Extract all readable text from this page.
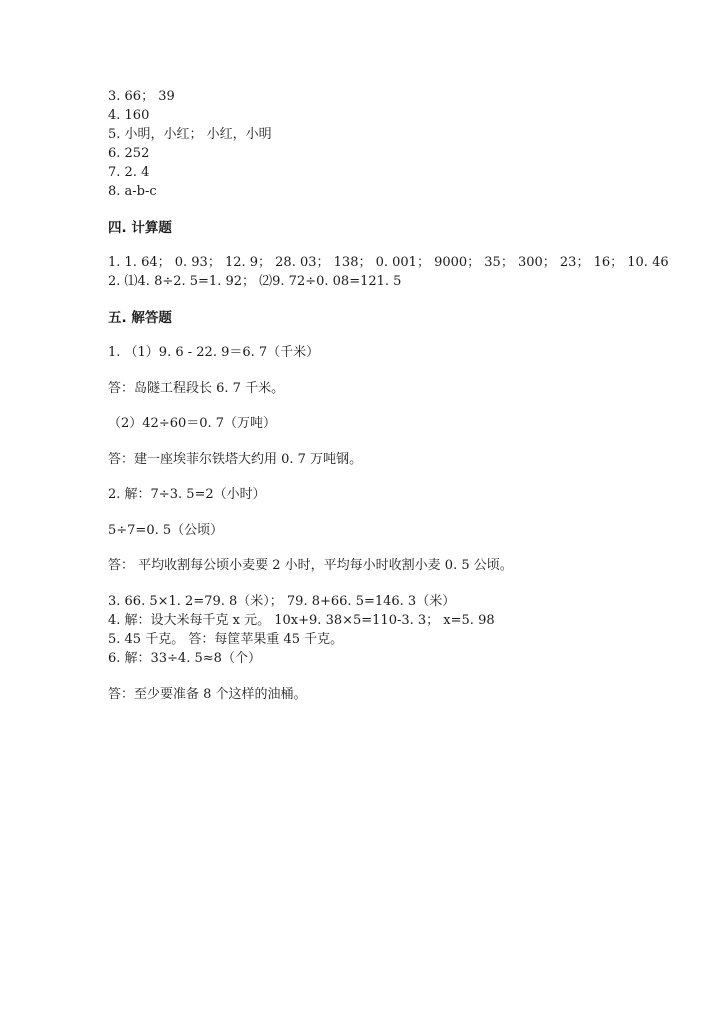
3. 66； 39
4. 160
5. 小明，小红； 小红，小明
6. 252
7. 2. 4
8. a-b-c
四. 计算题
1. 1. 64； 0. 93； 12. 9； 28. 03； 138； 0. 001； 9000； 35； 300； 23； 16； 10. 46
2. ⑴4. 8÷2. 5=1. 92； ⑵9. 72÷0. 08=121. 5
五. 解答题
1. （1）9. 6 - 22. 9＝6. 7（千米）
答：岛隧工程段长 6. 7 千米。
（2）42÷60＝0. 7（万吨）
答：建一座埃菲尔铁塔大约用 0. 7 万吨钢。
2. 解：7÷3. 5=2（小时）
5÷7=0. 5（公顷）
答： 平均收割每公顷小麦要 2 小时，平均每小时收割小麦 0. 5 公顷。
3. 66. 5×1. 2=79. 8（米）； 79. 8+66. 5=146. 3（米）
4. 解：设大米每千克 x 元。 10x+9. 38×5=110-3. 3； x=5. 98
5. 45 千克。 答：每筐苹果重 45 千克。
6. 解：33÷4. 5≈8（个）
答：至少要准备 8 个这样的油桶。
